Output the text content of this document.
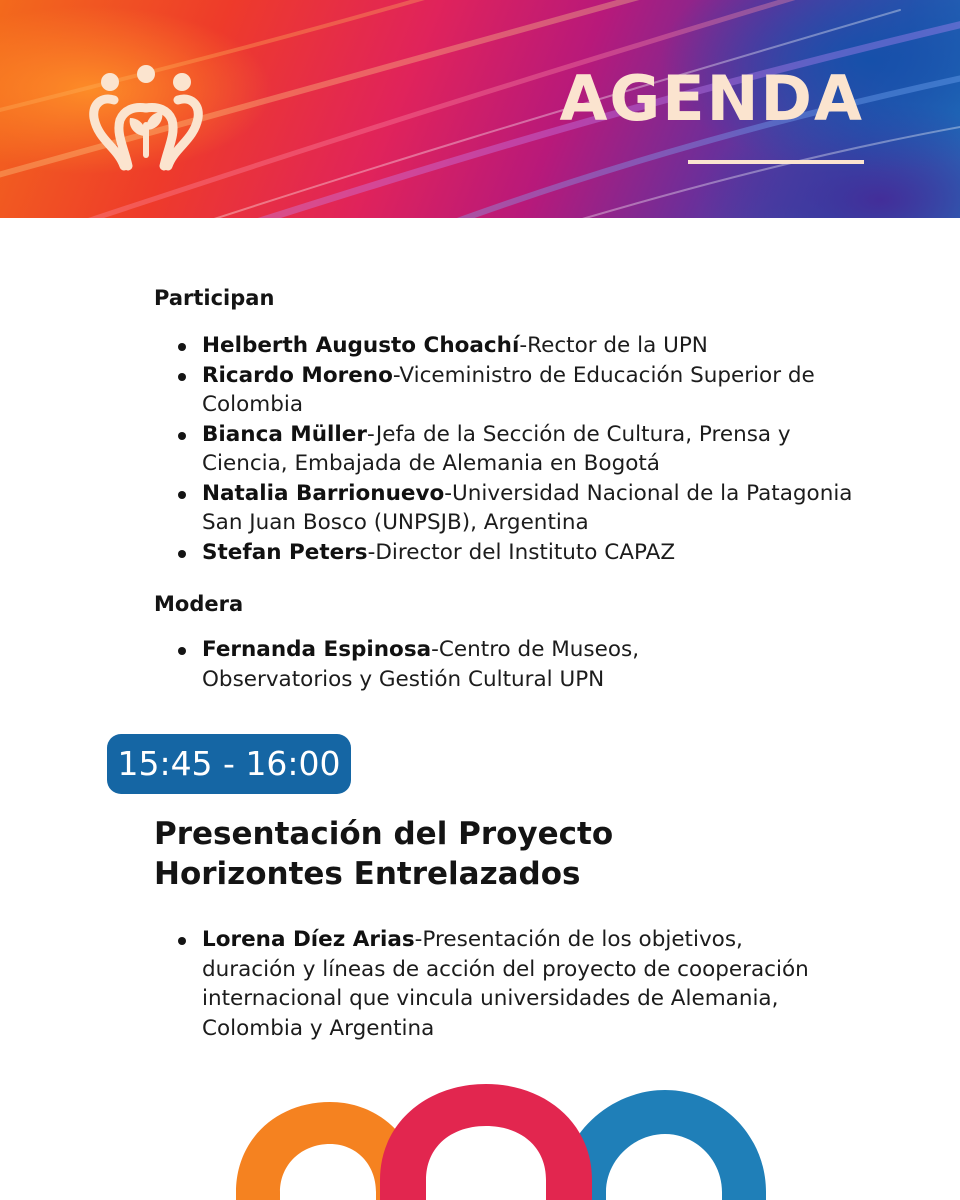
AGENDA
Participan
Helberth Augusto Choachí-Rector de la UPN
Ricardo Moreno-Viceministro de Educación Superior de Colombia
Bianca Müller-Jefa de la Sección de Cultura, Prensa y Ciencia, Embajada de Alemania en Bogotá
Natalia Barrionuevo-Universidad Nacional de la Patagonia San Juan Bosco (UNPSJB), Argentina
Stefan Peters-Director del Instituto CAPAZ
Modera
Fernanda Espinosa-Centro de Museos, Observatorios y Gestión Cultural UPN
15:45 - 16:00
Presentación del Proyecto Horizontes Entrelazados
Lorena Díez Arias-Presentación de los objetivos, duración y líneas de acción del proyecto de cooperación internacional que vincula universidades de Alemania, Colombia y Argentina
